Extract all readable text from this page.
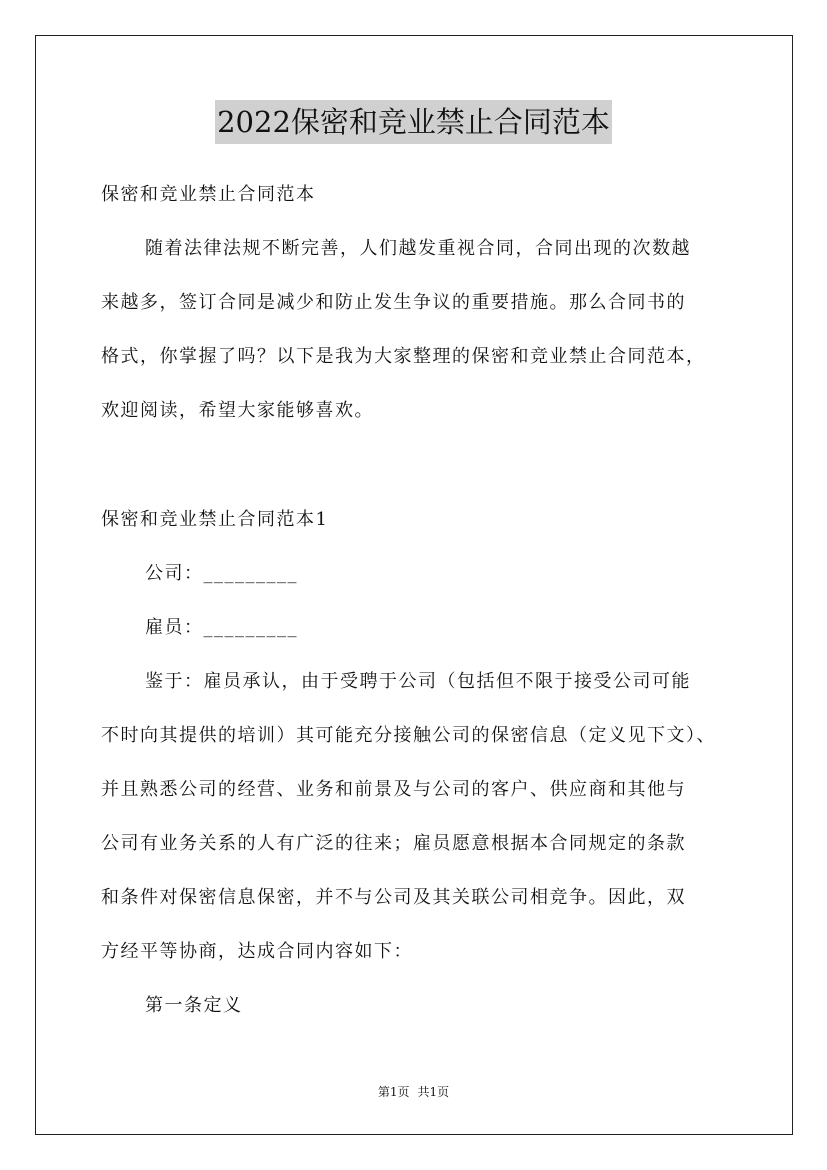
2022保密和竞业禁止合同范本
保密和竞业禁止合同范本
随着法律法规不断完善，人们越发重视合同，合同出现的次数越
来越多，签订合同是减少和防止发生争议的重要措施。那么合同书的
格式，你掌握了吗？以下是我为大家整理的保密和竞业禁止合同范本，
欢迎阅读，希望大家能够喜欢。
保密和竞业禁止合同范本1
公司：_________
雇员：_________
鉴于：雇员承认，由于受聘于公司（包括但不限于接受公司可能
不时向其提供的培训）其可能充分接触公司的保密信息（定义见下文）、
并且熟悉公司的经营、业务和前景及与公司的客户、供应商和其他与
公司有业务关系的人有广泛的往来；雇员愿意根据本合同规定的条款
和条件对保密信息保密，并不与公司及其关联公司相竞争。因此，双
方经平等协商，达成合同内容如下：
第一条定义
第1页 共1页
